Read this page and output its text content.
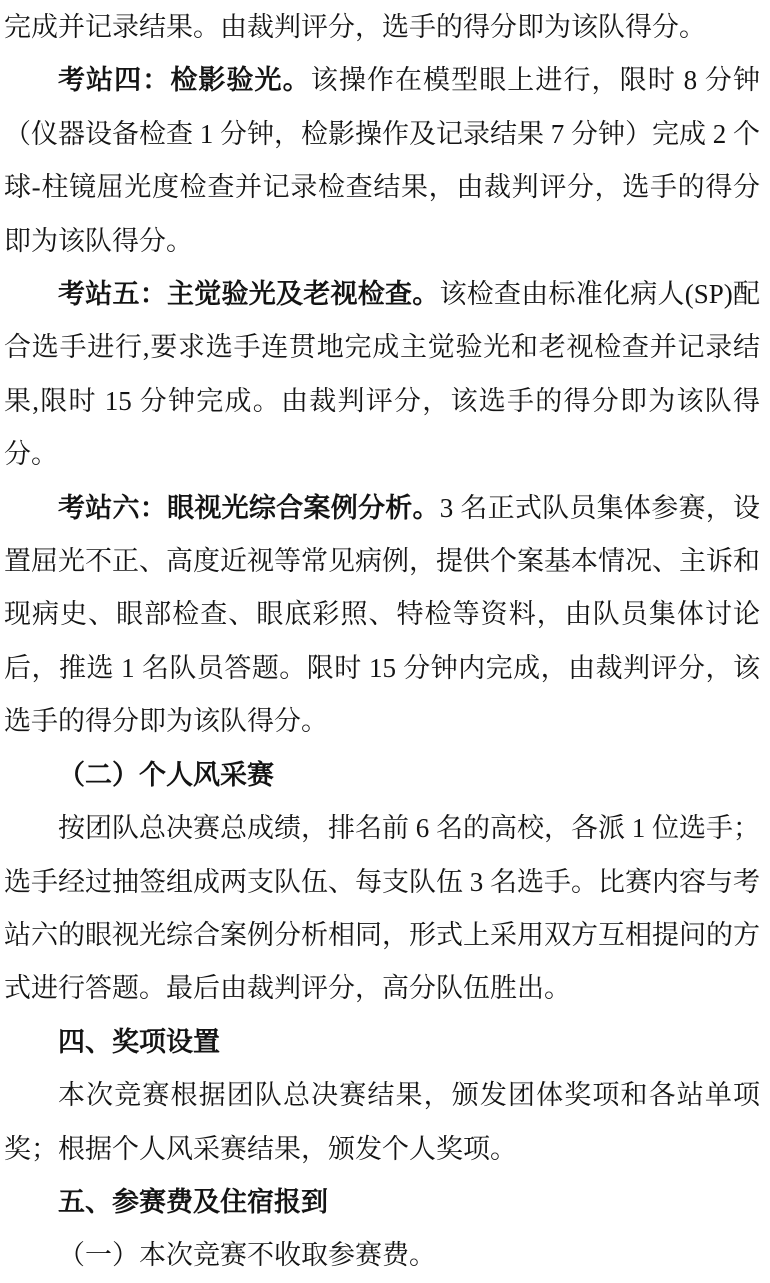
完成并记录结果。由裁判评分，选手的得分即为该队得分。

考站四：检影验光。该操作在模型眼上进行，限时 8 分钟（仪器设备检查 1 分钟，检影操作及记录结果 7 分钟）完成 2 个球-柱镜屈光度检查并记录检查结果，由裁判评分，选手的得分即为该队得分。

考站五：主觉验光及老视检查。该检查由标准化病人(SP)配合选手进行,要求选手连贯地完成主觉验光和老视检查并记录结果,限时 15 分钟完成。由裁判评分，该选手的得分即为该队得分。

考站六：眼视光综合案例分析。3 名正式队员集体参赛，设置屈光不正、高度近视等常见病例，提供个案基本情况、主诉和现病史、眼部检查、眼底彩照、特检等资料，由队员集体讨论后，推选 1 名队员答题。限时 15 分钟内完成，由裁判评分，该选手的得分即为该队得分。

（二）个人风采赛

按团队总决赛总成绩，排名前 6 名的高校，各派 1 位选手；选手经过抽签组成两支队伍、每支队伍 3 名选手。比赛内容与考站六的眼视光综合案例分析相同，形式上采用双方互相提问的方式进行答题。最后由裁判评分，高分队伍胜出。

四、奖项设置

本次竞赛根据团队总决赛结果，颁发团体奖项和各站单项奖；根据个人风采赛结果，颁发个人奖项。

五、参赛费及住宿报到

（一）本次竞赛不收取参赛费。
